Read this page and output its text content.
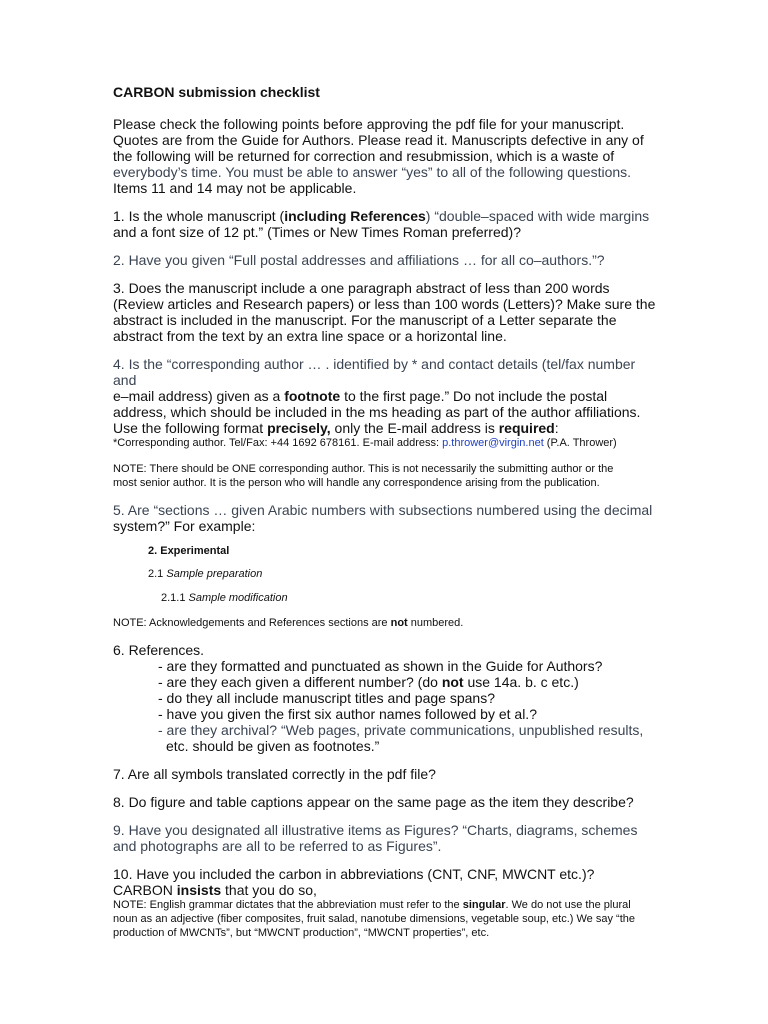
CARBON submission checklist

Please check the following points before approving the pdf file for your manuscript.

Quotes are from the Guide for Authors. Please read it. Manuscripts defective in any of

the following will be returned for correction and resubmission, which is a waste of

everybody’s time. You must be able to answer “yes” to all of the following questions.

Items 11 and 14 may not be applicable.

1. Is the whole manuscript (including References) “double–spaced with wide margins

and a font size of 12 pt.” (Times or New Times Roman preferred)?

2. Have you given “Full postal addresses and affiliations … for all co–authors.”?

3. Does the manuscript include a one paragraph abstract of less than 200 words

(Review articles and Research papers) or less than 100 words (Letters)? Make sure the

abstract is included in the manuscript. For the manuscript of a Letter separate the

abstract from the text by an extra line space or a horizontal line.

4. Is the “corresponding author … . identified by * and contact details (tel/fax number and

e–mail address) given as a footnote to the first page.” Do not include the postal

address, which should be included in the ms heading as part of the author affiliations.

Use the following format precisely, only the E-mail address is required:

*Corresponding author. Tel/Fax: +44 1692 678161. E-mail address: p.thrower@virgin.net (P.A. Thrower)

NOTE: There should be ONE corresponding author. This is not necessarily the submitting author or the

most senior author. It is the person who will handle any correspondence arising from the publication.

5. Are “sections … given Arabic numbers with subsections numbered using the decimal

system?” For example:

2. Experimental

2.1 Sample preparation

2.1.1 Sample modification

NOTE: Acknowledgements and References sections are not numbered.

6. References.

- are they formatted and punctuated as shown in the Guide for Authors?

- are they each given a different number? (do not use 14a. b. c etc.)

- do they all include manuscript titles and page spans?

- have you given the first six author names followed by et al.?

- are they archival? “Web pages, private communications, unpublished results,

etc. should be given as footnotes.”

7. Are all symbols translated correctly in the pdf file?

8. Do figure and table captions appear on the same page as the item they describe?

9. Have you designated all illustrative items as Figures? “Charts, diagrams, schemes

and photographs are all to be referred to as Figures”.

10. Have you included the carbon in abbreviations (CNT, CNF, MWCNT etc.)?

CARBON insists that you do so,

NOTE: English grammar dictates that the abbreviation must refer to the singular. We do not use the plural

noun as an adjective (fiber composites, fruit salad, nanotube dimensions, vegetable soup, etc.) We say “the

production of MWCNTs”, but “MWCNT production”, “MWCNT properties”, etc.
